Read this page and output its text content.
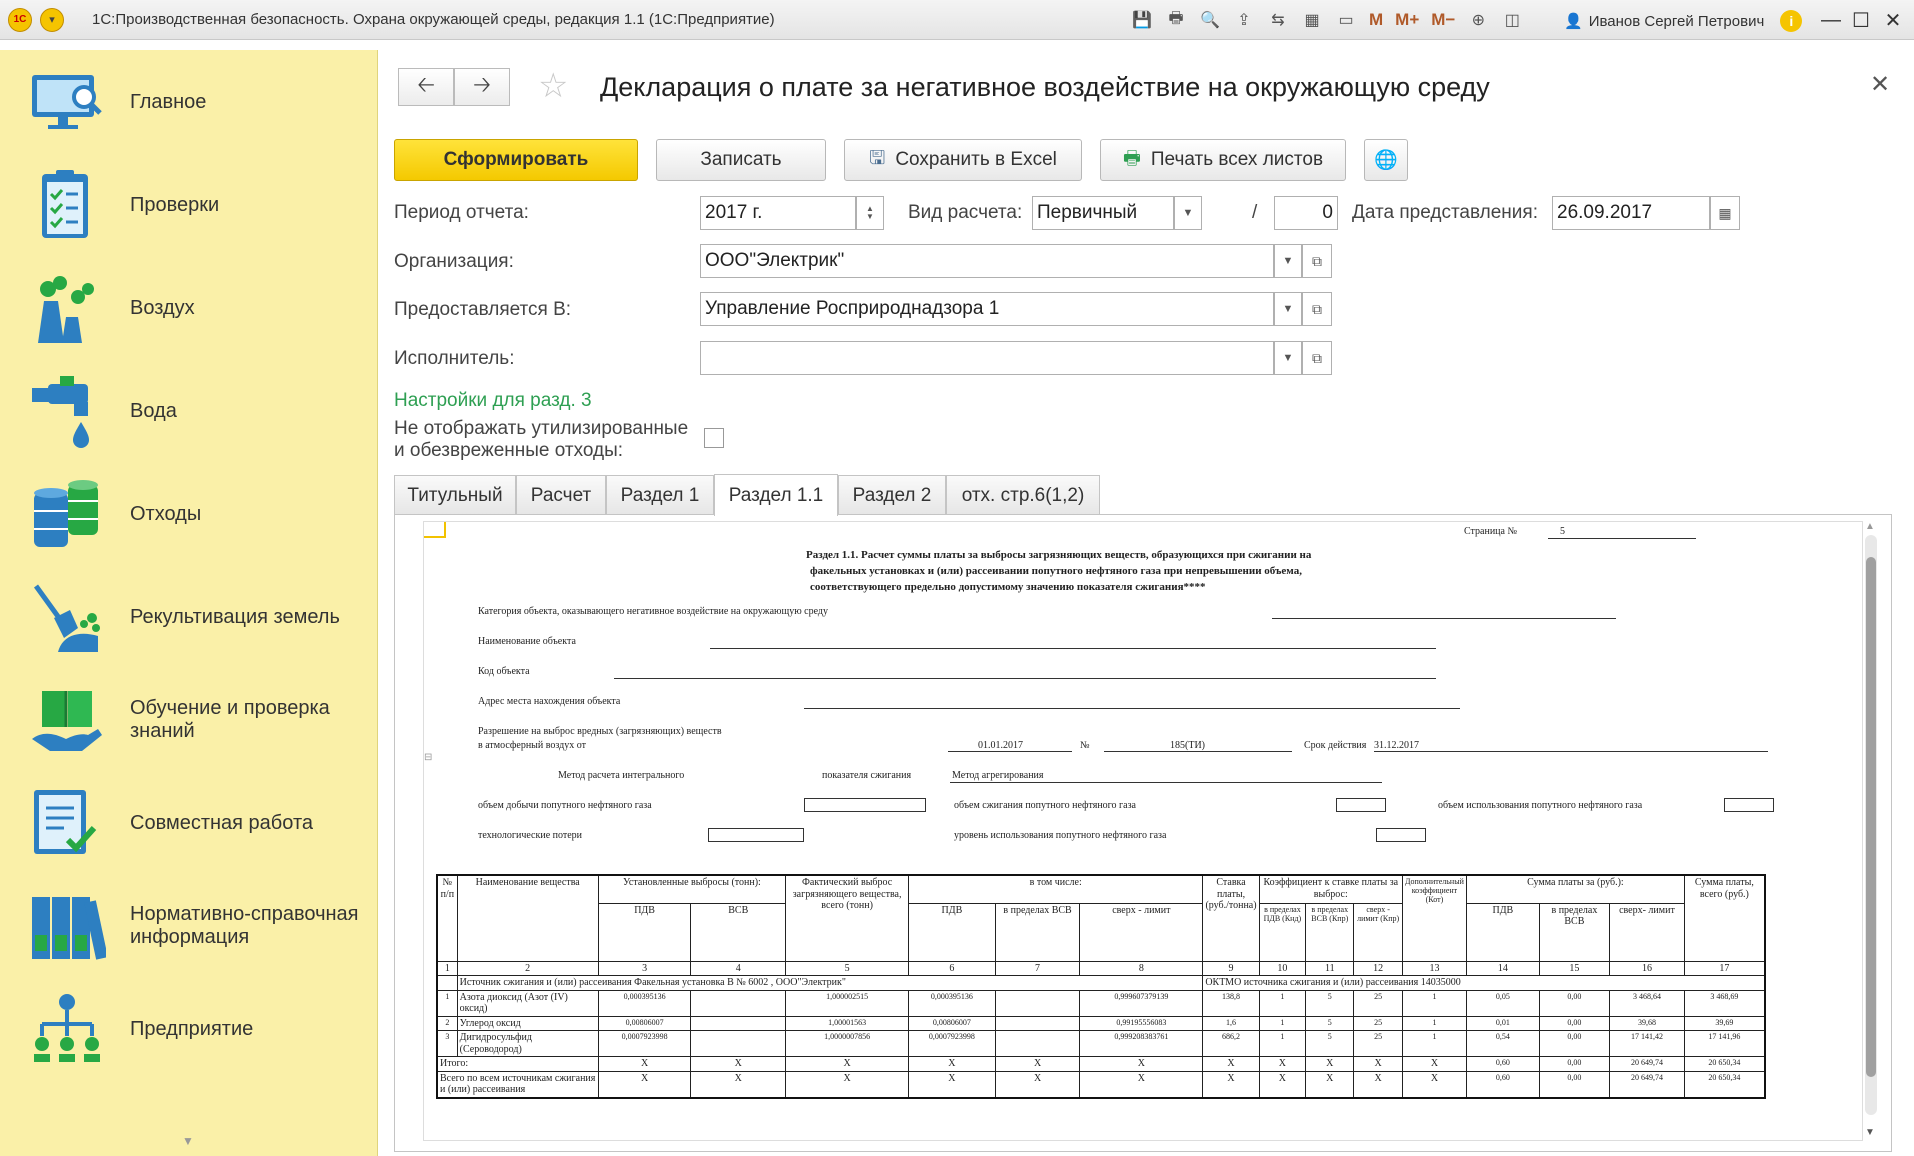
1С	▾	1С:Производственная безопасность. Охрана окружающей среды, редакция 1.1 (1С:Предприятие)	💾	🖶	🔍	⇪	⇆	▦	▭ M M+ M−	⊕	◫	👤 Иванов Сергей Петрович	i	— ☐ ✕
Главное
Проверки
Воздух
Вода
Отходы
Рекультивация земель
Обучение и проверка знаний
Совместная работа
Нормативно-справочная информация
Предприятие
▼
🡠	🡢	☆ Декларация о плате за негативное воздействие на окружающую среду	✕
Сформировать	Записать	🖫 Сохранить в Excel	🖶 Печать всех листов	🌐
Период отчета:	2017 г.	▲
▼	Вид расчета: Первичный	▼	/	0 Дата представления: 26.09.2017	▦
Организация:	ООО"Электрик"	▼	⧉
Предоставляется В:	Управление Росприроднадзора 1	▼	⧉
Исполнитель:	▼	⧉
Настройки для разд. 3
Не отображать утилизированные
и обезвреженные отходы:
Титульный	Расчет	Раздел 1	Раздел 1.1	Раздел 2	отх. стр.6(1,2)
⊟
Страница №	5
Раздел 1.1. Расчет суммы платы за выбросы загрязняющих веществ, образующихся при сжигании на
факельных установках и (или) рассеивании попутного нефтяного газа при непревышении объема,
соответствующего предельно допустимому значению показателя сжигания****
Категория объекта, оказывающего негативное воздействие на окружающую среду
Наименование объекта
Код объекта
Адрес места нахождения объекта
Разрешение на выброс вредных (загрязняющих) веществ
в атмосферный воздух от	01.01.2017	№	185(ТИ)	Срок действия 31.12.2017
Метод расчета интегрального	показателя сжигания	Метод агрегирования
объем добычи попутного нефтяного газа	объем сжигания попутного нефтяного газа	объем использования попутного нефтяного газа
технологические потери	уровень использования попутного нефтяного газа
№ п/п	Наименование вещества	Установленные выбросы (тонн):		Фактический выброс загрязняющего вещества, всего (тонн)	в том числе:			Ставка платы, (руб./тонна)	Коэффициент к ставке платы за выброс:			Дополнительный коэффициент (Кот)	Сумма платы за (руб.):			Сумма платы, всего (руб.)
		ПДВ	ВСВ		ПДВ	в пределах ВСВ	сверх - лимит		в пределах ПДВ (Кнд)	в пределах ВСВ (Кпр)	сверх - лимит (Кпр)		ПДВ	в пределах ВСВ	сверх- лимит	
1	2	3	4	5	6	7	8	9	10	11	12	13	14	15	16	17
	Источник сжигания и (или) рассеивания Факельная установка В № 6002 , ООО"Электрик"							ОКТМО источника сжигания и (или) рассеивания 14035000								
1	Азота диоксид (Азот (IV) оксид)	0,000395136		1,000002515	0,000395136		0,999607379139	138,8	1	5	25	1	0,05	0,00	3 468,64	3 468,69
2	Углерод оксид	0,00806007		1,00001563	0,00806007		0,99195556083	1,6	1	5	25	1	0,01	0,00	39,68	39,69
3	Дигидросульфид (Сероводород)	0,0007923998		1,0000007856	0,0007923998		0,999208383761	686,2	1	5	25	1	0,54	0,00	17 141,42	17 141,96
Итого:		X	X	X	X	X	X	X	X	X	X	X	0,60	0,00	20 649,74	20 650,34
Всего по всем источникам сжигания и (или) рассеивания		X	X	X	X	X	X	X	X	X	X	X	0,60	0,00	20 649,74	20 650,34
▲
▼
